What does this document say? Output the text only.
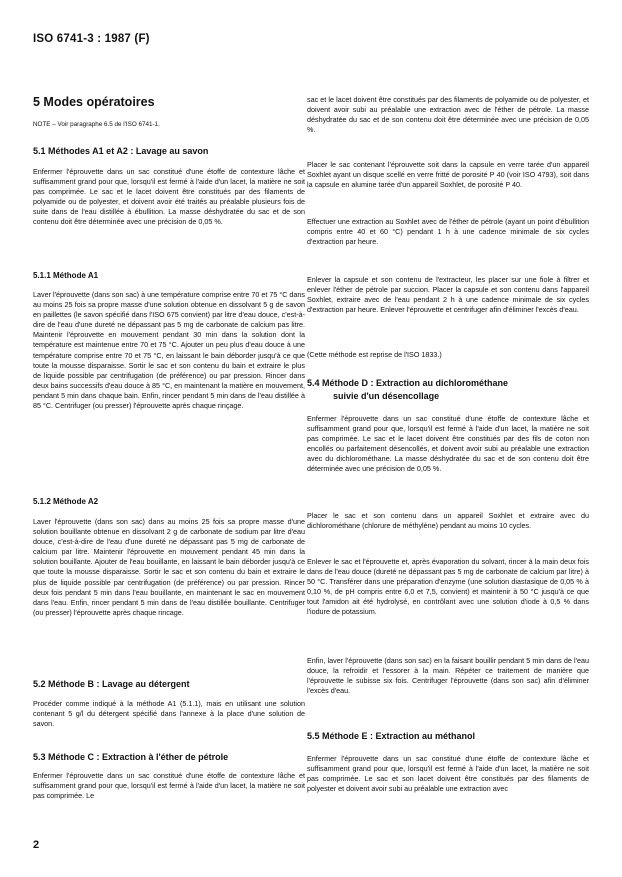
ISO 6741-3 : 1987 (F)
5 Modes opératoires
NOTE – Voir paragraphe 6.5 de l'ISO 6741-1.
5.1 Méthodes A1 et A2 : Lavage au savon

Enfermer l'éprouvette dans un sac constitué d'une étoffe de contexture lâche et suffisamment grand pour que, lorsqu'il est fermé à l'aide d'un lacet, la matière ne soit pas comprimée. Le sac et le lacet doivent être constitués par des filaments de polyamide ou de polyester, et doivent avoir été traités au préalable plusieurs fois de suite dans de l'eau distillée à ébullition. La masse déshydratée du sac et de son contenu doit être déterminée avec une précision de 0,05 %.

5.1.1 Méthode A1

Laver l'éprouvette (dans son sac) à une température comprise entre 70 et 75 °C dans au moins 25 fois sa propre masse d'une solution obtenue en dissolvant 5 g de savon en paillettes (le savon spécifié dans l'ISO 675 convient) par litre d'eau douce, c'est-à-dire de l'eau d'une dureté ne dépassant pas 5 mg de carbonate de calcium pas litre. Maintenir l'éprouvette en mouvement pendant 30 min dans la solution dont la température est maintenue entre 70 et 75 °C. Ajouter un peu plus d'eau douce à une température comprise entre 70 et 75 °C, en laissant le bain déborder jusqu'à ce que toute la mousse disparaisse. Sortir le sac et son contenu du bain et extraire le plus de liquide possible par centrifugation (de préférence) ou par pression. Rincer dans deux bains successifs d'eau douce à 85 °C, en maintenant la matière en mouvement, pendant 5 min dans chaque bain. Enfin, rincer pendant 5 min dans de l'eau distillée à 85 °C. Centrifuger (ou presser) l'éprouvette après chaque rinçage.

5.1.2 Méthode A2

Laver l'éprouvette (dans son sac) dans au moins 25 fois sa propre masse d'une solution bouillante obtenue en dissolvant 2 g de carbonate de sodium par litre d'eau douce, c'est-à-dire de l'eau d'une dureté ne dépassant pas 5 mg de carbonate de calcium par litre. Maintenir l'éprouvette en mouvement pendant 45 min dans la solution bouillante. Ajouter de l'eau bouillante, en laissant le bain déborder jusqu'à ce que toute la mousse disparaisse. Sortir le sac et son contenu du bain et extraire le plus de liquide possible par centrifugation (de préférence) ou par pression. Rincer deux fois pendant 5 min dans l'eau bouillante, en maintenant le sac en mouvement dans l'eau. Enfin, rincer pendant 5 min dans de l'eau distillée bouillante. Centrifuger (ou presser) l'éprouvette après chaque rincage.

5.2 Méthode B : Lavage au détergent

Procéder comme indiqué à la méthode A1 (5.1.1), mais en utilisant une solution contenant 5 g/l du détergent spécifié dans l'annexe à la place d'une solution de savon.

5.3 Méthode C : Extraction à l'éther de pétrole

Enfermer l'éprouvette dans un sac constitué d'une étoffe de contexture lâche et suffisamment grand pour que, lorsqu'il est fermé à l'aide d'un lacet, la matière ne soit pas comprimée. Le

sac et le lacet doivent être constitués par des filaments de polyamide ou de polyester, et doivent avoir subi au préalable une extraction avec de l'éther de pétrole. La masse déshydratée du sac et de son contenu doit être déterminée avec une précision de 0,05 %.

Placer le sac contenant l'éprouvette soit dans la capsule en verre tarée d'un appareil Soxhlet ayant un disque scellé en verre fritté de porosité P 40 (voir ISO 4793), soit dans la capsule en alumine tarée d'un appareil Soxhlet, de porosité P 40.

Effectuer une extraction au Soxhlet avec de l'éther de pétrole (ayant un point d'ébullition compris entre 40 et 60 °C) pendant 1 h à une cadence minimale de six cycles d'extraction par heure.

Enlever la capsule et son contenu de l'extracteur, les placer sur une fiole à filtrer et enlever l'éther de pétrole par succion. Placer la capsule et son contenu dans l'appareil Soxhlet, extraire avec de l'eau pendant 2 h à une cadence minimale de six cycles d'extraction par heure. Enlever l'éprouvette et centrifuger afin d'éliminer l'excès d'eau.

(Cette méthode est reprise de l'ISO 1833.)

5.4 Méthode D : Extraction au dichlorométhane
suivie d'un désencollage

Enfermer l'éprouvette dans un sac constitué d'une étoffe de contexture lâche et suffisamment grand pour que, lorsqu'il est fermé à l'aide d'un lacet, la matière ne soit pas comprimée. Le sac et le lacet doivent être constitués par des fils de coton non encollés ou parfaitement désencollés, et doivent avoir subi au préalable une extraction avec du dichlorométhane. La masse déshydratée du sac et de son contenu doit être déterminée avec une précision de 0,05 %.

Placer le sac et son contenu dans un appareil Soxhlet et extraire avec du dichlorométhane (chlorure de méthylène) pendant au moins 10 cycles.

Enlever le sac et l'éprouvette et, après évaporation du solvant, rincer à la main deux fois dans de l'eau douce (dureté ne dépassant pas 5 mg de carbonate de calcium par litre) à 50 °C. Transférer dans une préparation d'enzyme (une solution diastasique de 0,05 % à 0,10 %, de pH compris entre 6,0 et 7,5, convient) et maintenir à 50 °C jusqu'à ce que tout l'amidon ait été hydrolysé, en contrôlant avec une solution d'iode à 0,5 % dans l'iodure de potassium.

Enfin, laver l'éprouvette (dans son sac) en la faisant bouillir pendant 5 min dans de l'eau douce, la refroidir et l'essorer à la main. Répéter ce traitement de manière que l'éprouvette le subisse six fois. Centrifuger l'éprouvette (dans son sac) afin d'éliminer l'excès d'eau.

5.5 Méthode E : Extraction au méthanol

Enfermer l'éprouvette dans un sac constitué d'une étoffe de contexture lâche et suffisamment grand pour que, lorsqu'il est fermé à l'aide d'un lacet, la matière ne soit pas comprimée. Le sac et son lacet doivent être constitués par des filaments de polyester et doivent avoir subi au préalable une extraction avec

2
